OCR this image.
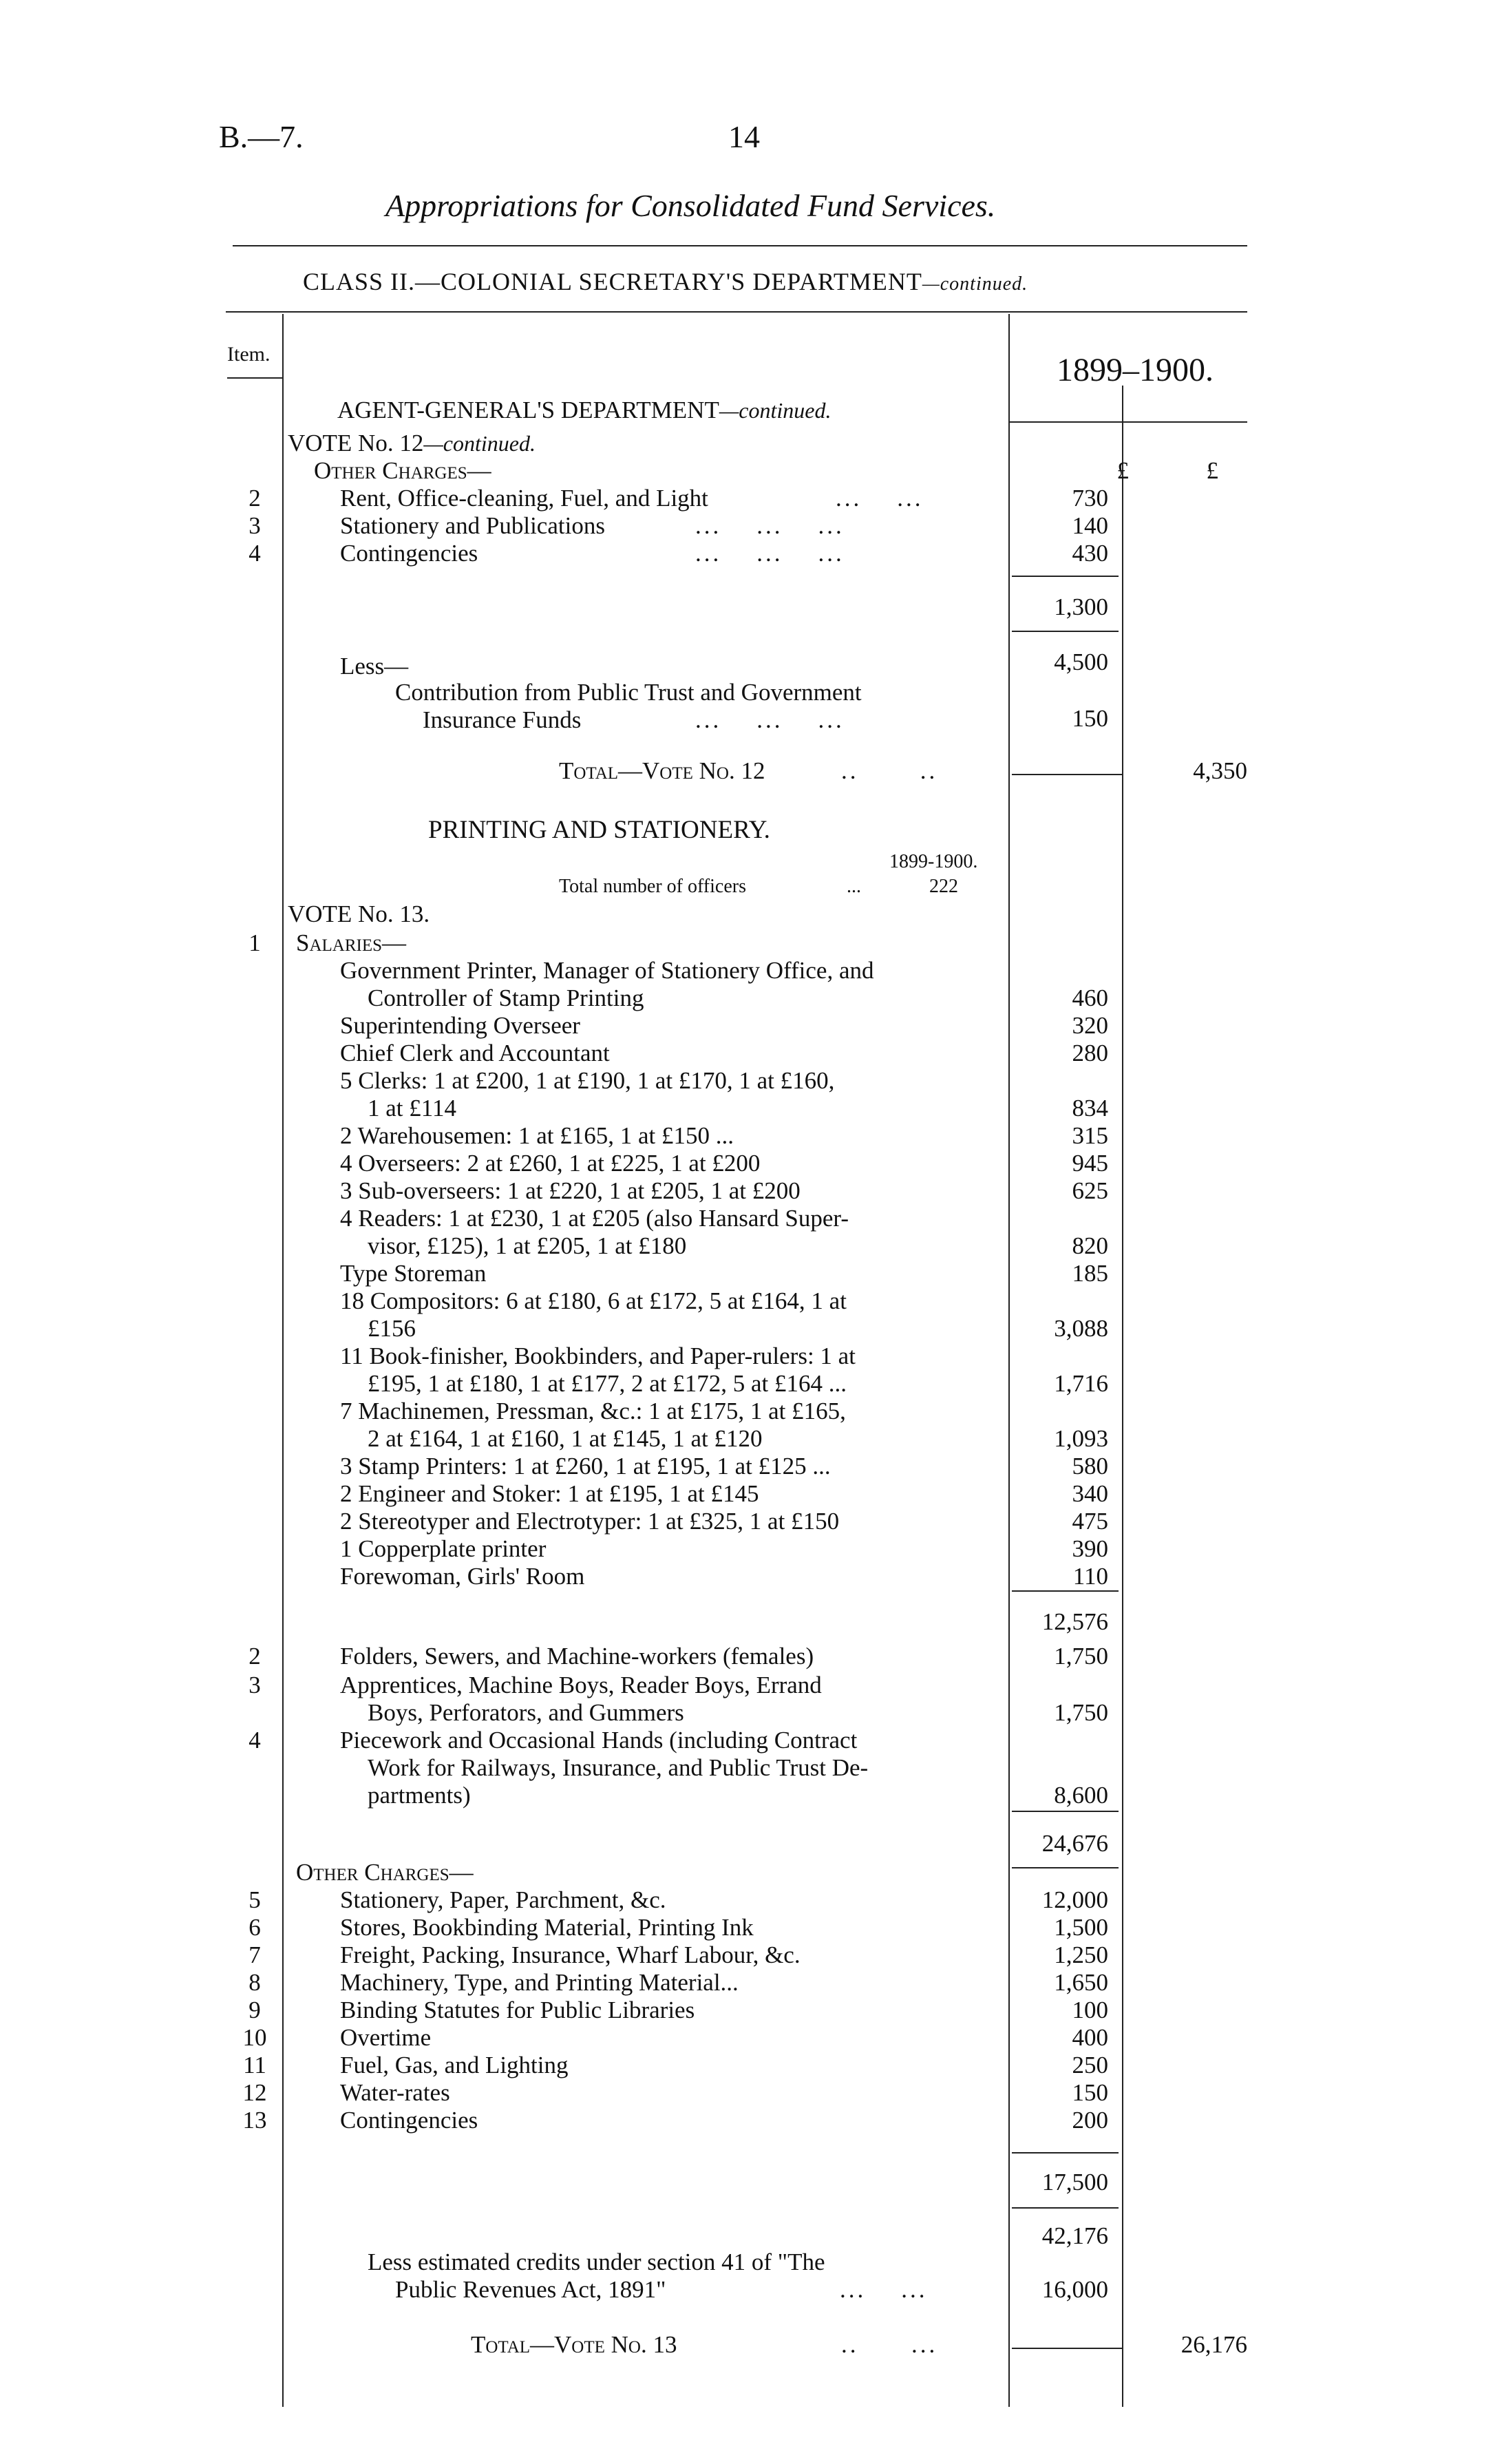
B.—7.	14
Appropriations for Consolidated Fund Services.
CLASS II.—COLONIAL SECRETARY'S DEPARTMENT—continued.
Item.	1899–1900.
AGENT-GENERAL'S DEPARTMENT—continued.
VOTE No. 12—continued.
Other Charges—	£	£
2	Rent, Office-cleaning, Fuel, and Light	...    ...	730
3	Stationery and Publications	...    ...    ...	140
4	Contingencies	...    ...    ...	430
1,300
4,500
Less—
Contribution from Public Trust and Government
Insurance Funds	...    ...    ...	150
Total—Vote No. 12	..       ..	4,350
PRINTING AND STATIONERY.
1899-1900.
Total number of officers	...	222
VOTE No. 13.
1	Salaries—
Government Printer, Manager of Stationery Office, and
Controller of Stamp Printing	460
Superintending Overseer	320
Chief Clerk and Accountant	280
5 Clerks: 1 at £200, 1 at £190, 1 at £170, 1 at £160,
1 at £114	834
2 Warehousemen: 1 at £165, 1 at £150 ...	315
4 Overseers: 2 at £260, 1 at £225, 1 at £200	945
3 Sub-overseers: 1 at £220, 1 at £205, 1 at £200	625
4 Readers: 1 at £230, 1 at £205 (also Hansard Super-
visor, £125), 1 at £205, 1 at £180	820
Type Storeman	185
18 Compositors: 6 at £180, 6 at £172, 5 at £164, 1 at
£156	3,088
11 Book-finisher, Bookbinders, and Paper-rulers: 1 at
£195, 1 at £180, 1 at £177, 2 at £172, 5 at £164 ...	1,716
7 Machinemen, Pressman, &c.: 1 at £175, 1 at £165,
2 at £164, 1 at £160, 1 at £145, 1 at £120	1,093
3 Stamp Printers: 1 at £260, 1 at £195, 1 at £125 ...	580
2 Engineer and Stoker: 1 at £195, 1 at £145	340
2 Stereotyper and Electrotyper: 1 at £325, 1 at £150	475
1 Copperplate printer	390
Forewoman, Girls' Room	110
12,576
2	Folders, Sewers, and Machine-workers (females)	1,750
3	Apprentices, Machine Boys, Reader Boys, Errand
Boys, Perforators, and Gummers	1,750
4	Piecework and Occasional Hands (including Contract
Work for Railways, Insurance, and Public Trust De-
partments)	8,600
24,676
Other Charges—
5	Stationery, Paper, Parchment, &c.	12,000
6	Stores, Bookbinding Material, Printing Ink	1,500
7	Freight, Packing, Insurance, Wharf Labour, &c.	1,250
8	Machinery, Type, and Printing Material...	1,650
9	Binding Statutes for Public Libraries	100
10	Overtime	400
11	Fuel, Gas, and Lighting	250
12	Water-rates	150
13	Contingencies	200
17,500
42,176
Less estimated credits under section 41 of "The
Public Revenues Act, 1891"	...    ...	16,000
Total—Vote No. 13	..      ...	26,176
